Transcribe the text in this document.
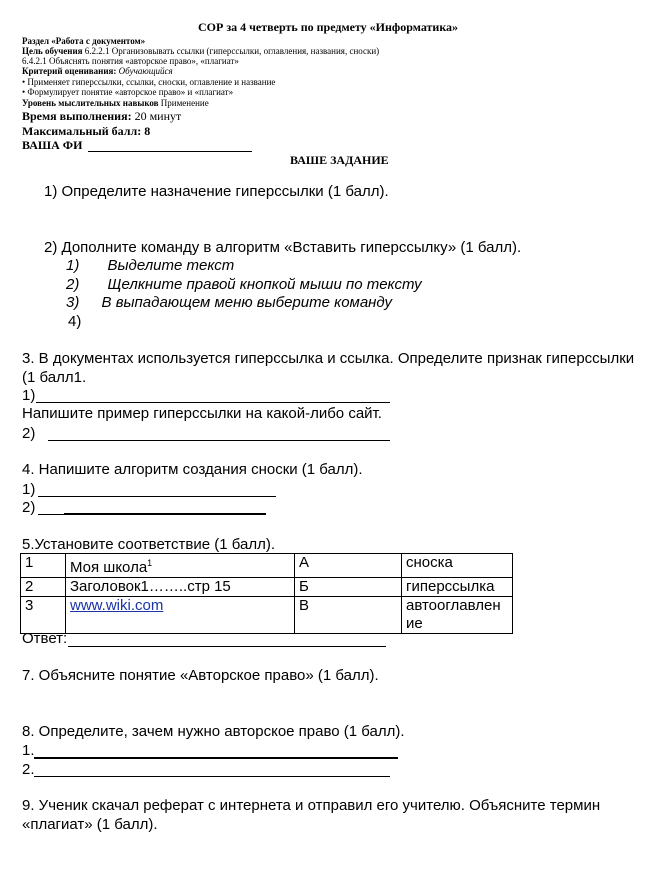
СОР за 4 четверть по предмету «Информатика»
Раздел «Работа с документом»
Цель обучения 6.2.2.1 Организовывать ссылки (гиперссылки, оглавления, названия, сноски)
6.4.2.1 Объяснять понятия «авторское право», «плагиат»
Критерий оценивания: Обучающийся
• Применяет гиперссылки, ссылки, сноски, оглавление и название
• Формулирует понятие «авторское право» и «плагиат»
Уровень мыслительных навыков Применение
Время выполнения: 20 минут
Максимальный балл: 8
ВАША ФИ
ВАШЕ ЗАДАНИЕ
1) Определите назначение гиперссылки (1 балл).
2) Дополните команду в алгоритм «Вставить гиперссылку» (1 балл).
1) Выделите текст
2) Щелкните правой кнопкой мыши по тексту
3) В выпадающем меню выберите команду
4)
3. В документах используется гиперссылка и ссылка. Определите признак гиперссылки
(1 балл1.
1)
Напишите пример гиперссылки на какой-либо сайт.
2)
4. Напишите алгоритм создания сноски (1 балл).
1)
2)
5.Установите соответствие (1 балл).
1	Моя школа$^1$	А	сноска
2	Заголовок1……..стр 15	Б	гиперссылка
3	www.wiki.com	В	автооглавлен
ие
Ответ:
7. Объясните понятие «Авторское право» (1 балл).
8. Определите, зачем нужно авторское право (1 балл).
1.
2.
9. Ученик скачал реферат с интернета и отправил его учителю. Объясните термин
«плагиат» (1 балл).
